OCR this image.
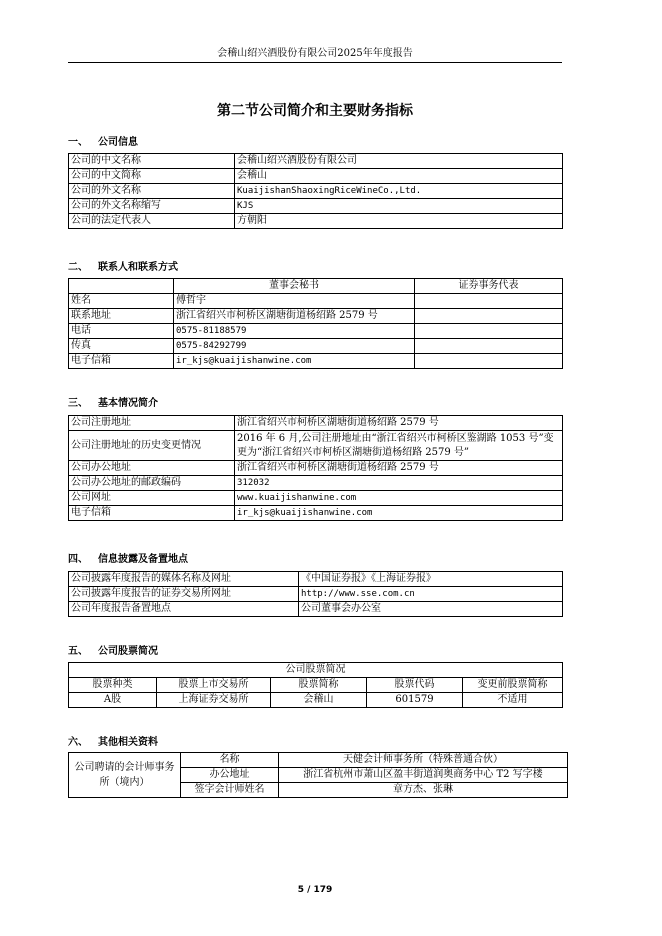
会稽山绍兴酒股份有限公司2025年年度报告
第二节公司简介和主要财务指标
一、 公司信息
公司的中文名称	会稽山绍兴酒股份有限公司
公司的中文简称	会稽山
公司的外文名称	KuaijishanShaoxingRiceWineCo.,Ltd.
公司的外文名称缩写	KJS
公司的法定代表人	方朝阳
二、 联系人和联系方式
	董事会秘书	证券事务代表
姓名	傅哲宇	
联系地址	浙江省绍兴市柯桥区湖塘街道杨绍路 2579 号	
电话	0575-81188579	
传真	0575-84292799	
电子信箱	ir_kjs@kuaijishanwine.com	
三、 基本情况简介
公司注册地址	浙江省绍兴市柯桥区湖塘街道杨绍路 2579 号
公司注册地址的历史变更情况	2016 年 6 月,公司注册地址由“浙江省绍兴市柯桥区鉴湖路 1053 号”变更为“浙江省绍兴市柯桥区湖塘街道杨绍路 2579 号”
公司办公地址	浙江省绍兴市柯桥区湖塘街道杨绍路 2579 号
公司办公地址的邮政编码	312032
公司网址	www.kuaijishanwine.com
电子信箱	ir_kjs@kuaijishanwine.com
四、 信息披露及备置地点
公司披露年度报告的媒体名称及网址	《中国证券报》《上海证券报》
公司披露年度报告的证券交易所网址	http://www.sse.com.cn
公司年度报告备置地点	公司董事会办公室
五、 公司股票简况
公司股票简况				
股票种类	股票上市交易所	股票简称	股票代码	变更前股票简称
A股	上海证券交易所	会稽山	601579	不适用
六、 其他相关资料
公司聘请的会计师事务所（境内）	名称	天健会计师事务所（特殊普通合伙）
	办公地址	浙江省杭州市萧山区盈丰街道润奥商务中心 T2 写字楼
	签字会计师姓名	章方杰、张琳
5 / 179
